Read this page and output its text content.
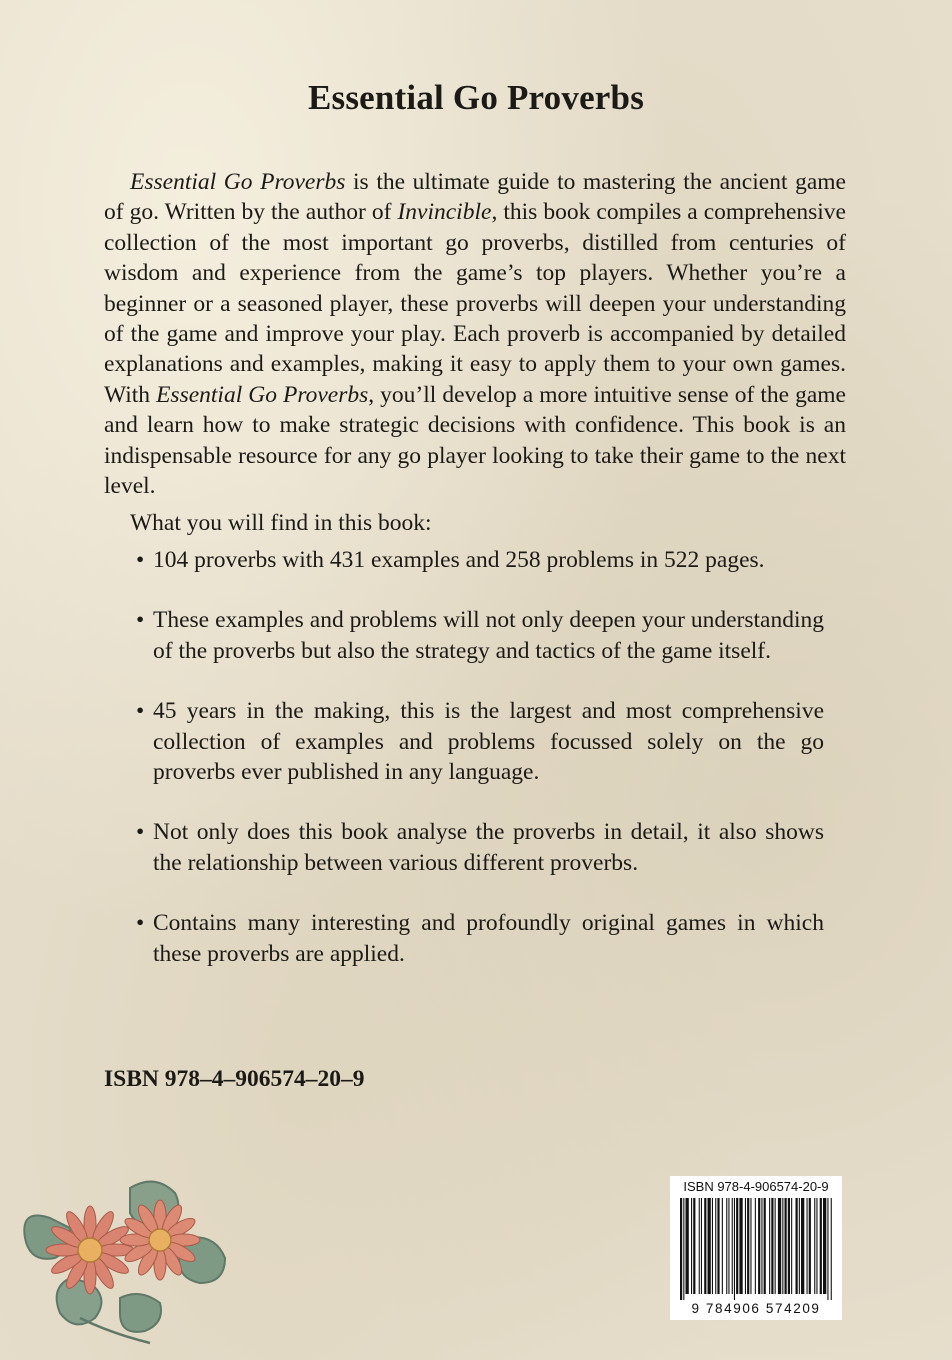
Essential Go Proverbs

Essential Go Proverbs is the ultimate guide to mastering the ancient game of go. Written by the author of Invincible, this book compiles a comprehensive collection of the most important go proverbs, distilled from centuries of wisdom and experience from the game’s top players. Whether you’re a beginner or a seasoned player, these proverbs will deepen your understanding of the game and improve your play. Each proverb is accompanied by detailed explanations and examples, making it easy to apply them to your own games. With Essential Go Proverbs, you’ll develop a more intuitive sense of the game and learn how to make strategic decisions with confidence. This book is an indispensable resource for any go player looking to take their game to the next level.

What you will find in this book:
• 104 proverbs with 431 examples and 258 problems in 522 pages.
• These examples and problems will not only deepen your understanding of the proverbs but also the strategy and tactics of the game itself.
• 45 years in the making, this is the largest and most comprehensive collection of examples and problems focussed solely on the go proverbs ever published in any language.
• Not only does this book analyse the proverbs in detail, it also shows the relationship between various different proverbs.
• Contains many interesting and profoundly original games in which these proverbs are applied.
ISBN 978–4–906574–20–9
ISBN 978-4-906574-20-9
9 784906 574209
